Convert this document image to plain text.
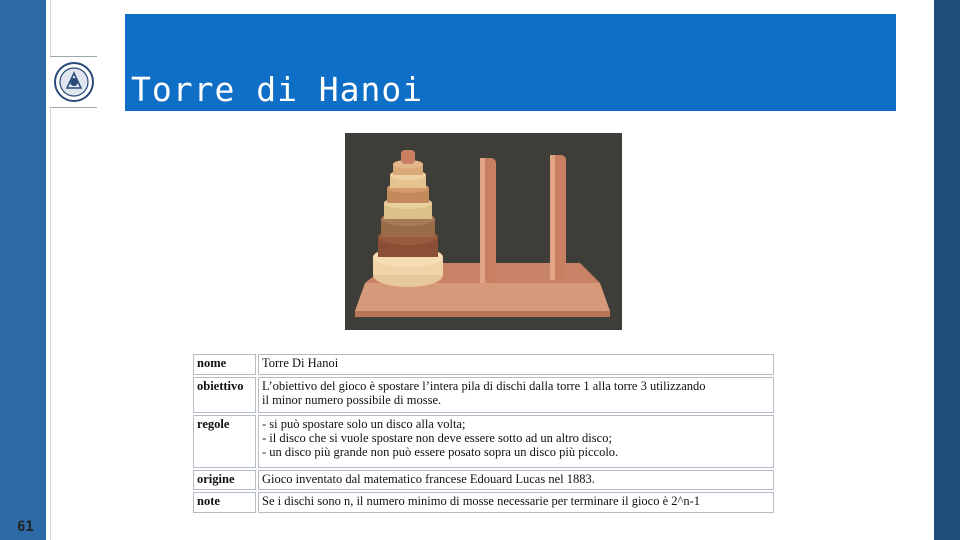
Torre di Hanoi
nome	Torre Di Hanoi

obiettivo	L’obiettivo del gioco è spostare l’intera pila di dischi dalla torre 1 alla torre 3 utilizzando
il minor numero possibile di mosse.

regole	- si può spostare solo un disco alla volta;
- il disco che si vuole spostare non deve essere sotto ad un altro disco;
- un disco più grande non può essere posato sopra un disco più piccolo.

origine	Gioco inventato dal matematico francese Edouard Lucas nel 1883.

note	Se i dischi sono n, il numero minimo di mosse necessarie per terminare il gioco è 2^n-1
61
